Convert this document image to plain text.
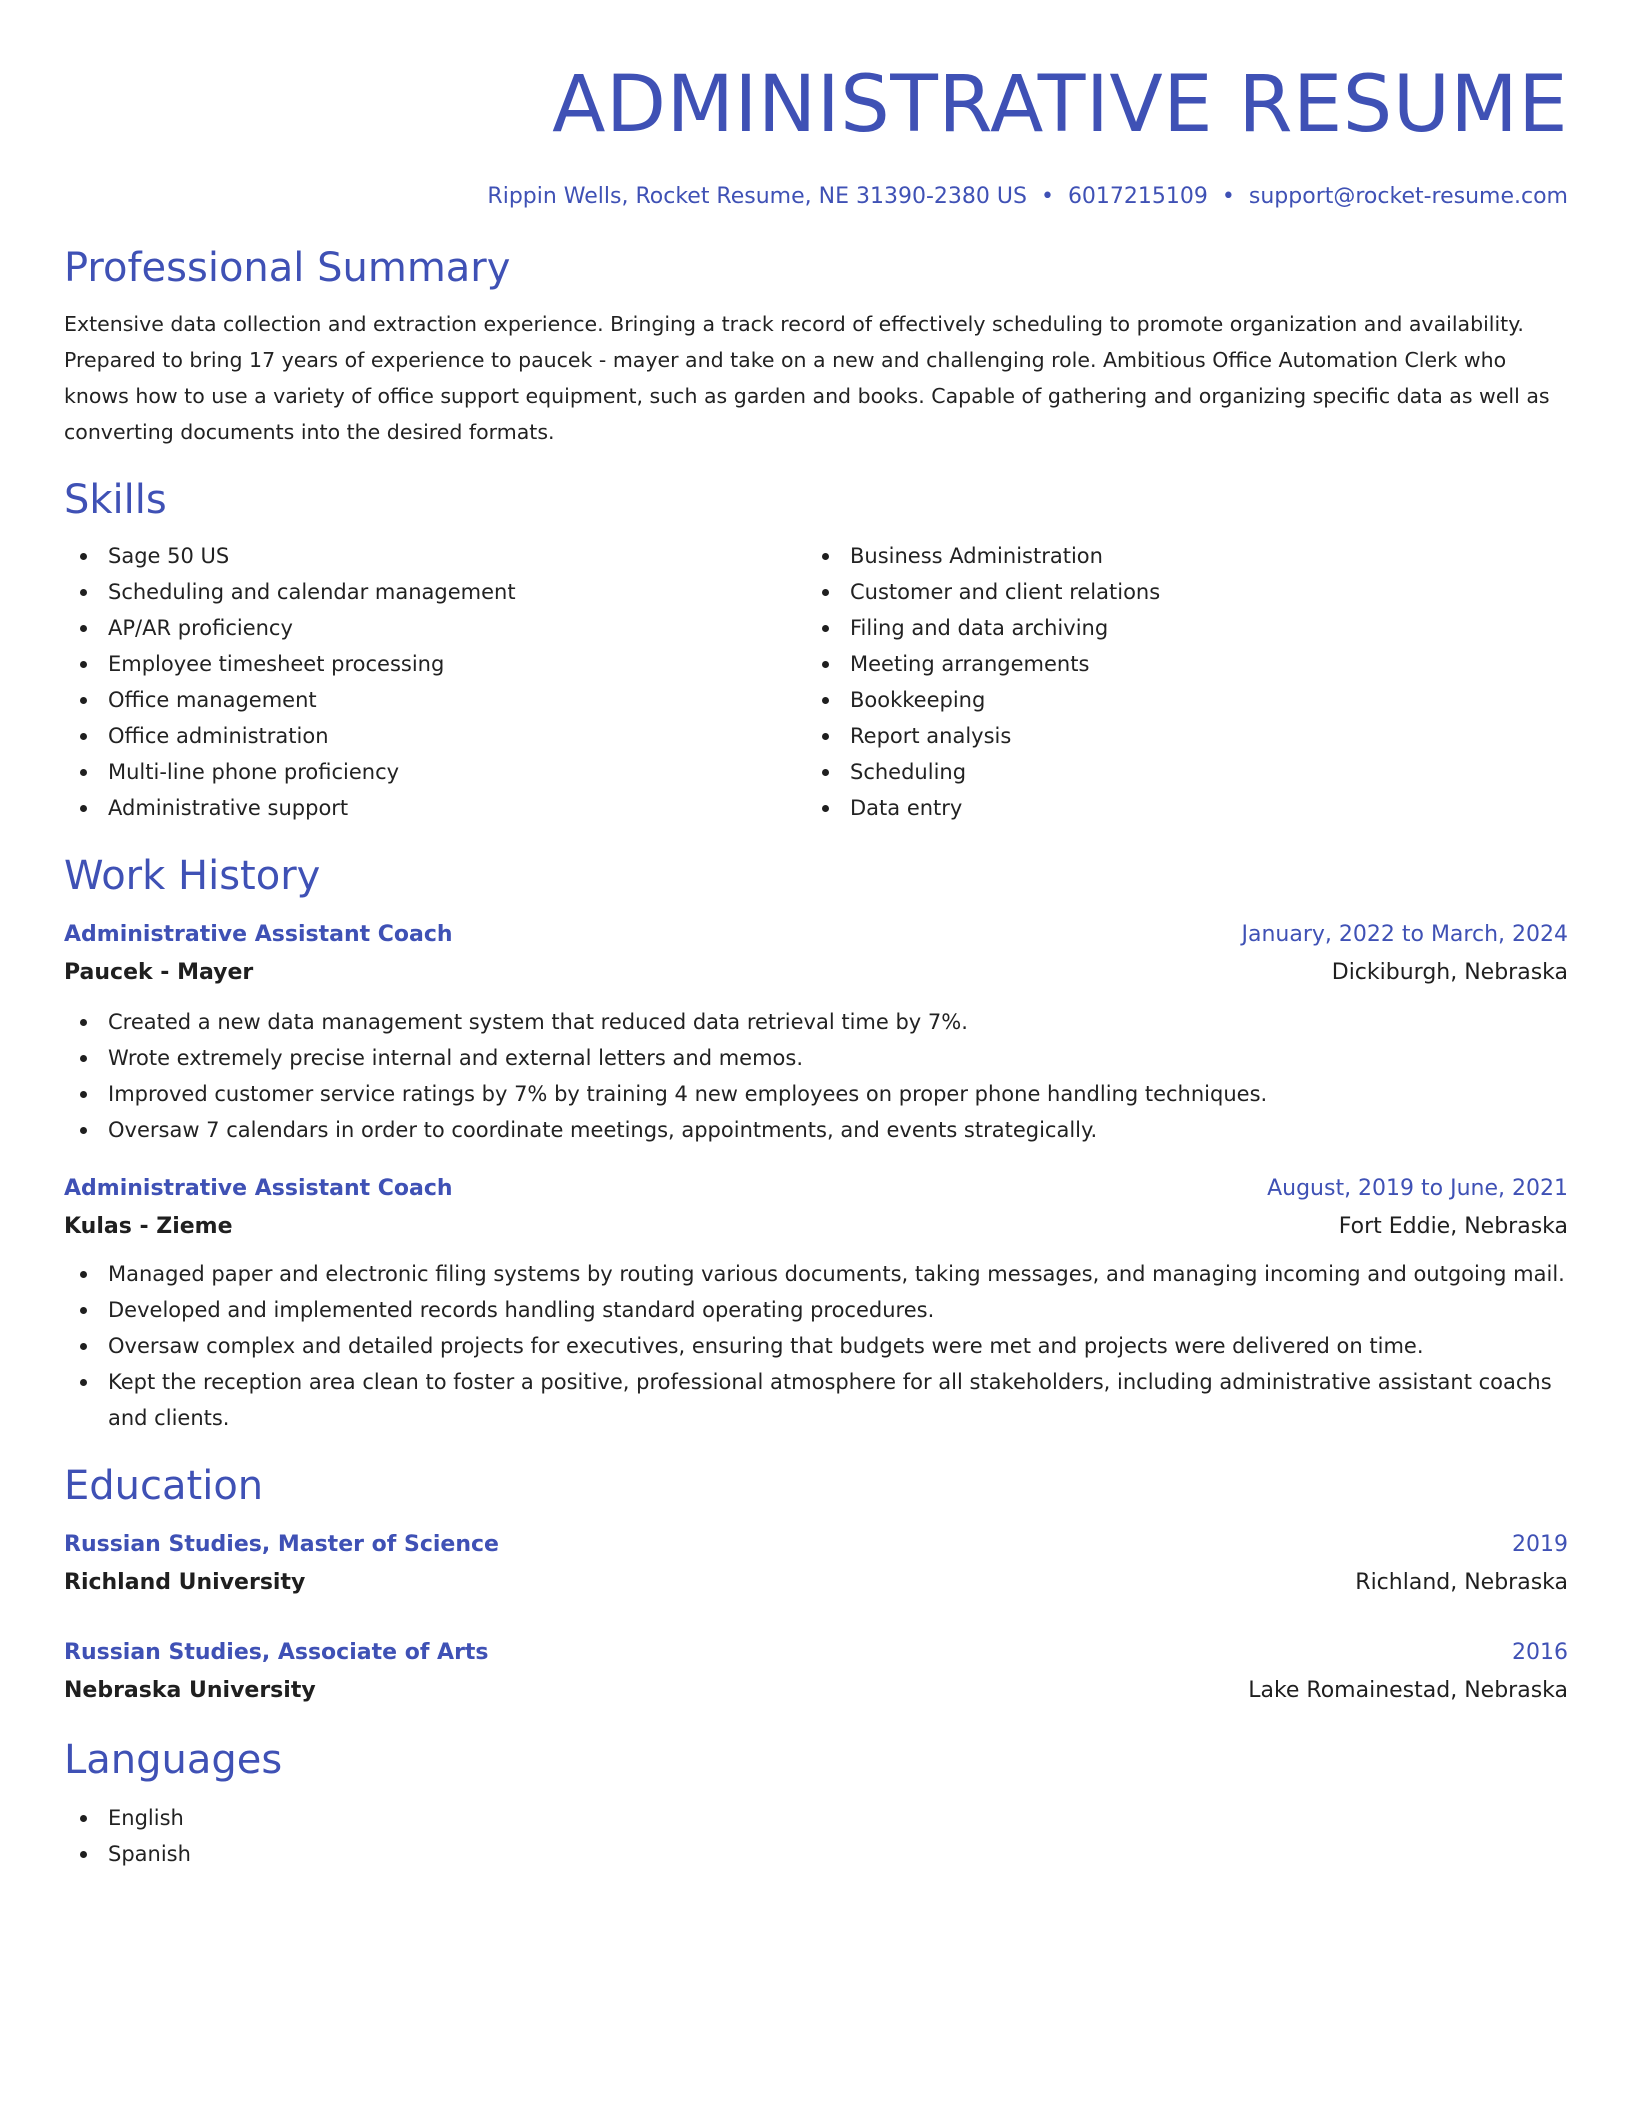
ADMINISTRATIVE RESUME
Rippin Wells, Rocket Resume, NE 31390-2380 US • 6017215109 • support@rocket-resume.com
Professional Summary
Extensive data collection and extraction experience. Bringing a track record of effectively scheduling to promote organization and availability. Prepared to bring 17 years of experience to paucek - mayer and take on a new and challenging role. Ambitious Office Automation Clerk who knows how to use a variety of office support equipment, such as garden and books. Capable of gathering and organizing specific data as well as converting documents into the desired formats.
Skills
Sage 50 US
Scheduling and calendar management
AP/AR proficiency
Employee timesheet processing
Office management
Office administration
Multi-line phone proficiency
Administrative support
Business Administration
Customer and client relations
Filing and data archiving
Meeting arrangements
Bookkeeping
Report analysis
Scheduling
Data entry
Work History
Administrative Assistant Coach	January, 2022 to March, 2024
Paucek - Mayer	Dickiburgh, Nebraska
Created a new data management system that reduced data retrieval time by 7%.
Wrote extremely precise internal and external letters and memos.
Improved customer service ratings by 7% by training 4 new employees on proper phone handling techniques.
Oversaw 7 calendars in order to coordinate meetings, appointments, and events strategically.
Administrative Assistant Coach	August, 2019 to June, 2021
Kulas - Zieme	Fort Eddie, Nebraska
Managed paper and electronic filing systems by routing various documents, taking messages, and managing incoming and outgoing mail.
Developed and implemented records handling standard operating procedures.
Oversaw complex and detailed projects for executives, ensuring that budgets were met and projects were delivered on time.
Kept the reception area clean to foster a positive, professional atmosphere for all stakeholders, including administrative assistant coachs and clients.
Education
Russian Studies, Master of Science	2019
Richland University	Richland, Nebraska
Russian Studies, Associate of Arts	2016
Nebraska University	Lake Romainestad, Nebraska
Languages
English
Spanish
